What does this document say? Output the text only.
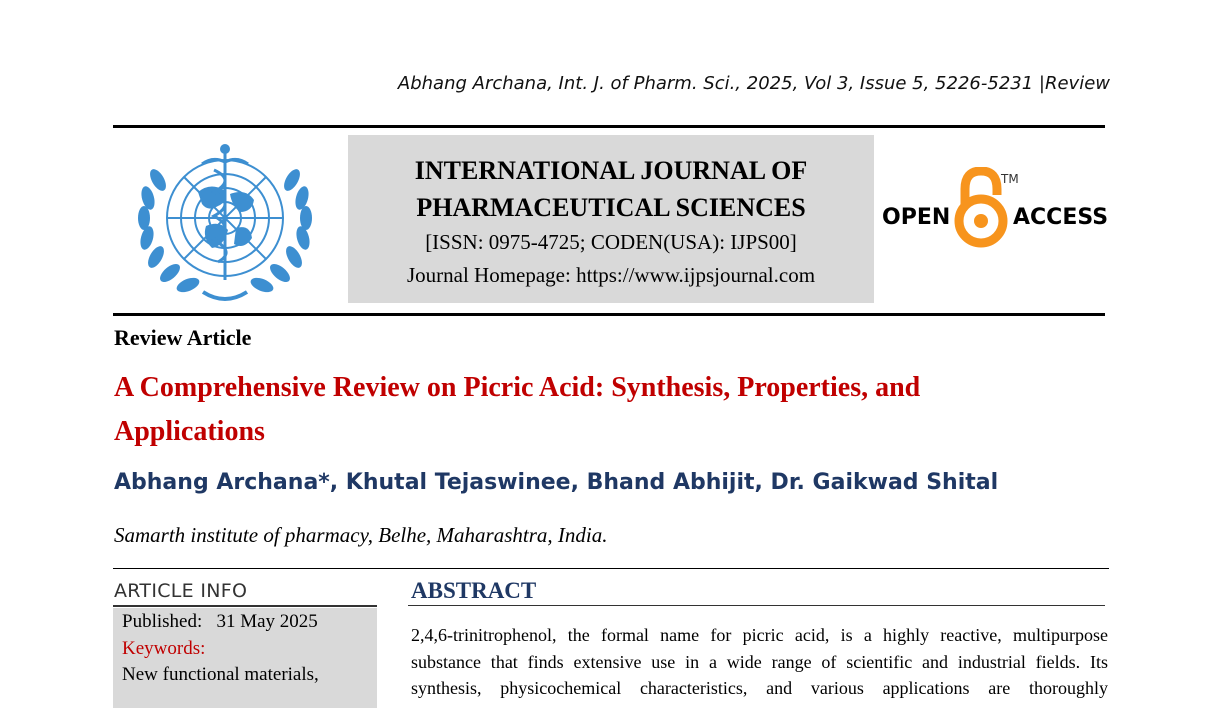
Abhang Archana, Int. J. of Pharm. Sci., 2025, Vol 3, Issue 5, 5226-5231 |Review
INTERNATIONAL JOURNAL OF
PHARMACEUTICAL SCIENCES
[ISSN: 0975-4725; CODEN(USA): IJPS00]
Journal Homepage: https://www.ijpsjournal.com
OPEN
TM
ACCESS
Review Article
A Comprehensive Review on Picric Acid: Synthesis, Properties, and
Applications
Abhang Archana*, Khutal Tejaswinee, Bhand Abhijit, Dr. Gaikwad Shital
Samarth institute of pharmacy, Belhe, Maharashtra, India.
ARTICLE INFO
Published: 31 May 2025
Keywords:
New functional materials,
ABSTRACT
2,4,6-trinitrophenol, the formal name for picric acid, is a highly reactive, multipurpose
substance that finds extensive use in a wide range of scientific and industrial fields. Its
synthesis, physicochemical characteristics, and various applications are thoroughly
